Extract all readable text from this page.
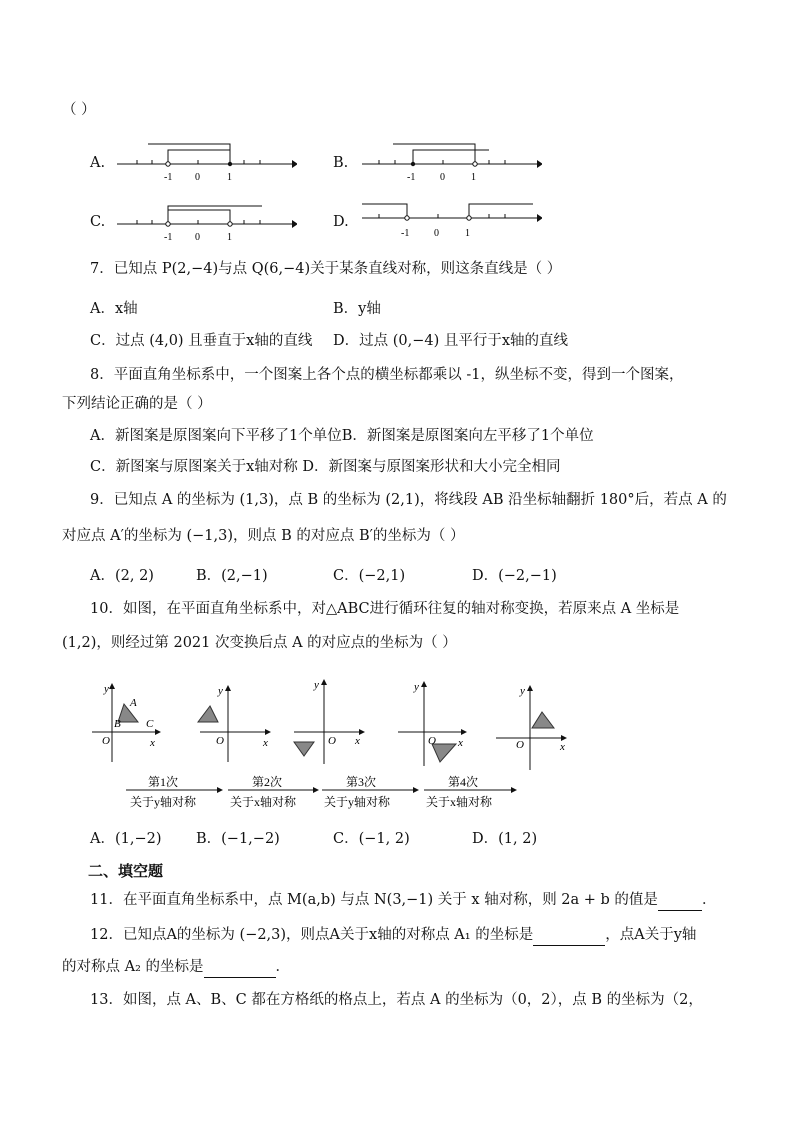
（ ）
A.
-1 0	1
B.
-1 0	1
C.
-1 0	1
D.
-1 0	1
7．已知点 P(2,−4)与点 Q(6,−4)关于某条直线对称，则这条直线是（ ）
A．x轴	B．y轴
C．过点 (4,0) 且垂直于x轴的直线 D．过点 (0,−4) 且平行于x轴的直线
8．平面直角坐标系中，一个图案上各个点的横坐标都乘以 -1，纵坐标不变，得到一个图案，
下列结论正确的是（ ）
A．新图案是原图案向下平移了1个单位B．新图案是原图案向左平移了1个单位
C．新图案与原图案关于x轴对称 D．新图案与原图案形状和大小完全相同
9．已知点 A 的坐标为 (1,3)，点 B 的坐标为 (2,1)，将线段 AB 沿坐标轴翻折 180°后，若点 A 的
对应点 A′的坐标为 (−1,3)，则点 B 的对应点 B′的坐标为（ ）
A．(2, 2)	B．(2,−1)	C．(−2,1)	D．(−2,−1)
10．如图，在平面直角坐标系中，对△ABC进行循环往复的轴对称变换，若原来点 A 坐标是
(1,2)，则经过第 2021 次变换后点 A 的对应点的坐标为（ ）
y
x
O
A
B C
y
x
O
y
x
O
y
x
O
y
x
O
第1次
关于y轴对称
第2次
关于x轴对称
第3次
关于y轴对称
第4次
关于x轴对称
A．(1,−2) B．(−1,−2)	C．(−1, 2)	D．(1, 2)
二、填空题
11．在平面直角坐标系中，点 M(a,b) 与点 N(3,−1) 关于 x 轴对称，则 2a + b 的值是	．
12．已知点A的坐标为 (−2,3)，则点A关于x轴的对称点 A₁ 的坐标是	，点A关于y轴
的对称点 A₂ 的坐标是	．
13．如图，点 A、B、C 都在方格纸的格点上，若点 A 的坐标为（0，2），点 B 的坐标为（2，
